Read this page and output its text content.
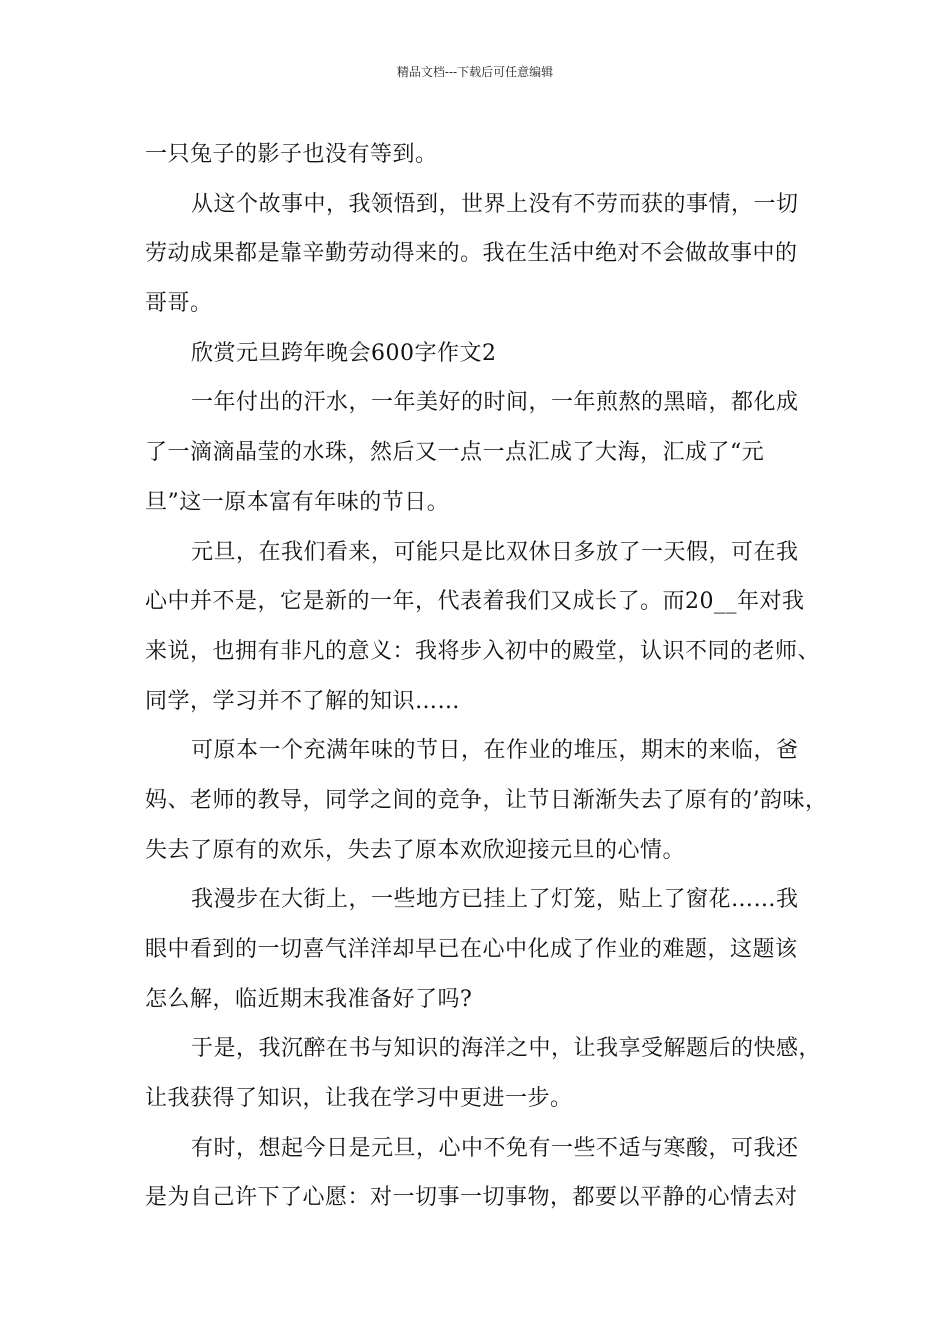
精品文档---下载后可任意编辑
一只兔子的影子也没有等到。
从这个故事中，我领悟到，世界上没有不劳而获的事情，一切
劳动成果都是靠辛勤劳动得来的。我在生活中绝对不会做故事中的
哥哥。
欣赏元旦跨年晚会600字作文2
一年付出的汗水，一年美好的时间，一年煎熬的黑暗，都化成
了一滴滴晶莹的水珠，然后又一点一点汇成了大海，汇成了“元
旦”这一原本富有年味的节日。
元旦，在我们看来，可能只是比双休日多放了一天假，可在我
心中并不是，它是新的一年，代表着我们又成长了。而20__年对我
来说，也拥有非凡的意义：我将步入初中的殿堂，认识不同的老师、
同学，学习并不了解的知识……
可原本一个充满年味的节日，在作业的堆压，期末的来临，爸
妈、老师的教导，同学之间的竞争，让节日渐渐失去了原有的’韵味，
失去了原有的欢乐，失去了原本欢欣迎接元旦的心情。
我漫步在大街上，一些地方已挂上了灯笼，贴上了窗花……我
眼中看到的一切喜气洋洋却早已在心中化成了作业的难题，这题该
怎么解，临近期末我准备好了吗?
于是，我沉醉在书与知识的海洋之中，让我享受解题后的快感，
让我获得了知识，让我在学习中更进一步。
有时，想起今日是元旦，心中不免有一些不适与寒酸，可我还
是为自己许下了心愿：对一切事一切事物，都要以平静的心情去对
